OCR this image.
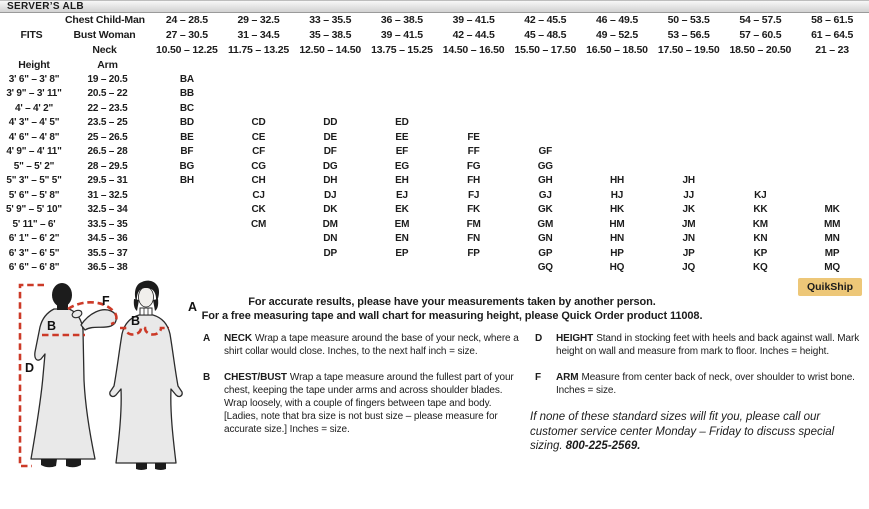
SERVER’S ALB
FITS	Chest Child-Man	24 – 28.5	29 – 32.5	33 – 35.5	36 – 38.5	39 – 41.5	42 – 45.5	46 – 49.5	50 – 53.5	54 – 57.5	58 – 61.5
	Bust Woman	27 – 30.5	31 – 34.5	35 – 38.5	39 – 41.5	42 – 44.5	45 – 48.5	49 – 52.5	53 – 56.5	57 – 60.5	61 – 64.5
	Neck	10.50 – 12.25	11.75 – 13.25	12.50 – 14.50	13.75 – 15.25	14.50 – 16.50	15.50 – 17.50	16.50 – 18.50	17.50 – 19.50	18.50 – 20.50	21 – 23
Height	Arm										
3' 6" – 3' 8"	19 – 20.5	BA									
3' 9" – 3' 11"	20.5 – 22	BB									
4' – 4' 2"	22 – 23.5	BC									
4' 3" – 4' 5"	23.5 – 25	BD	CD	DD	ED						
4' 6" – 4' 8"	25 – 26.5	BE	CE	DE	EE	FE					
4' 9" – 4' 11"	26.5 – 28	BF	CF	DF	EF	FF	GF				
5" – 5' 2"	28 – 29.5	BG	CG	DG	EG	FG	GG				
5" 3" – 5" 5"	29.5 – 31	BH	CH	DH	EH	FH	GH	HH	JH		
5' 6" – 5' 8"	31 – 32.5		CJ	DJ	EJ	FJ	GJ	HJ	JJ	KJ	
5' 9" – 5' 10"	32.5 – 34		CK	DK	EK	FK	GK	HK	JK	KK	MK
5' 11" – 6'	33.5 – 35		CM	DM	EM	FM	GM	HM	JM	KM	MM
6' 1" – 6' 2"	34.5 – 36			DN	EN	FN	GN	HN	JN	KN	MN
6' 3" – 6' 5"	35.5 – 37			DP	EP	FP	GP	HP	JP	KP	MP
6' 6" – 6' 8"	36.5 – 38						GQ	HQ	JQ	KQ	MQ
QuikShip
For accurate results, please have your measurements taken by another person.
For a free measuring tape and wall chart for measuring height, please Quick Order product 11008.
D
B
F	A
B

A NECK Wrap a tape measure around the base of your neck, where a shirt collar would close. Inches, to the next half inch = size.

B CHEST/BUST Wrap a tape measure around the fullest part of your chest, keeping the tape under arms and across shoulder blades. Wrap loosely, with a couple of fingers between tape and body. [Ladies, note that bra size is not bust size – please measure for accurate size.] Inches = size.

D HEIGHT Stand in stocking feet with heels and back against wall. Mark height on wall and measure from mark to floor. Inches = height.

F ARM Measure from center back of neck, over shoulder to wrist bone. Inches = size.

If none of these standard sizes will fit you, please call our customer service center Monday – Friday to discuss special sizing. 800-225-2569.
